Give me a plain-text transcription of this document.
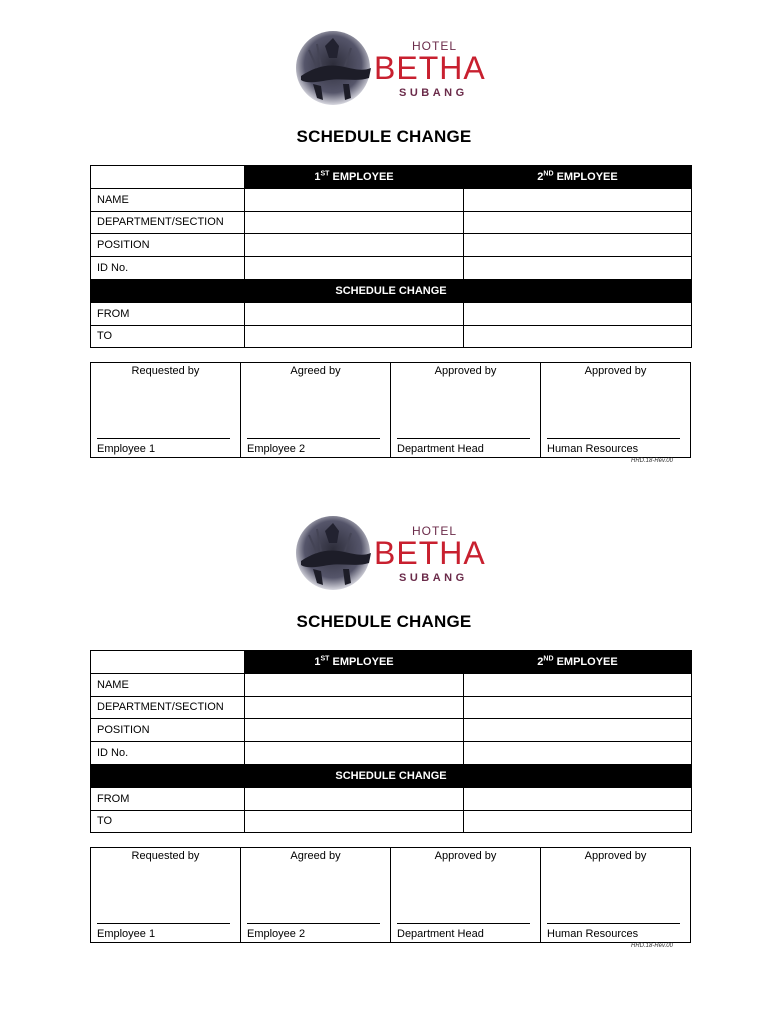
HOTEL
BETHA
SUBANG
SCHEDULE CHANGE
	1ST EMPLOYEE	2ND EMPLOYEE
NAME		
DEPARTMENT/SECTION		
POSITION		
ID No.		
SCHEDULE CHANGE		
FROM		
TO		
Requested by
Employee 1

Agreed by
Employee 2

Approved by
Department Head

Approved by
Human Resources
HRD.18-Rev.00
HOTEL
BETHA
SUBANG
SCHEDULE CHANGE
	1ST EMPLOYEE	2ND EMPLOYEE
NAME		
DEPARTMENT/SECTION		
POSITION		
ID No.		
SCHEDULE CHANGE		
FROM		
TO		
Requested by
Employee 1

Agreed by
Employee 2

Approved by
Department Head

Approved by
Human Resources
HRD.18-Rev.00
